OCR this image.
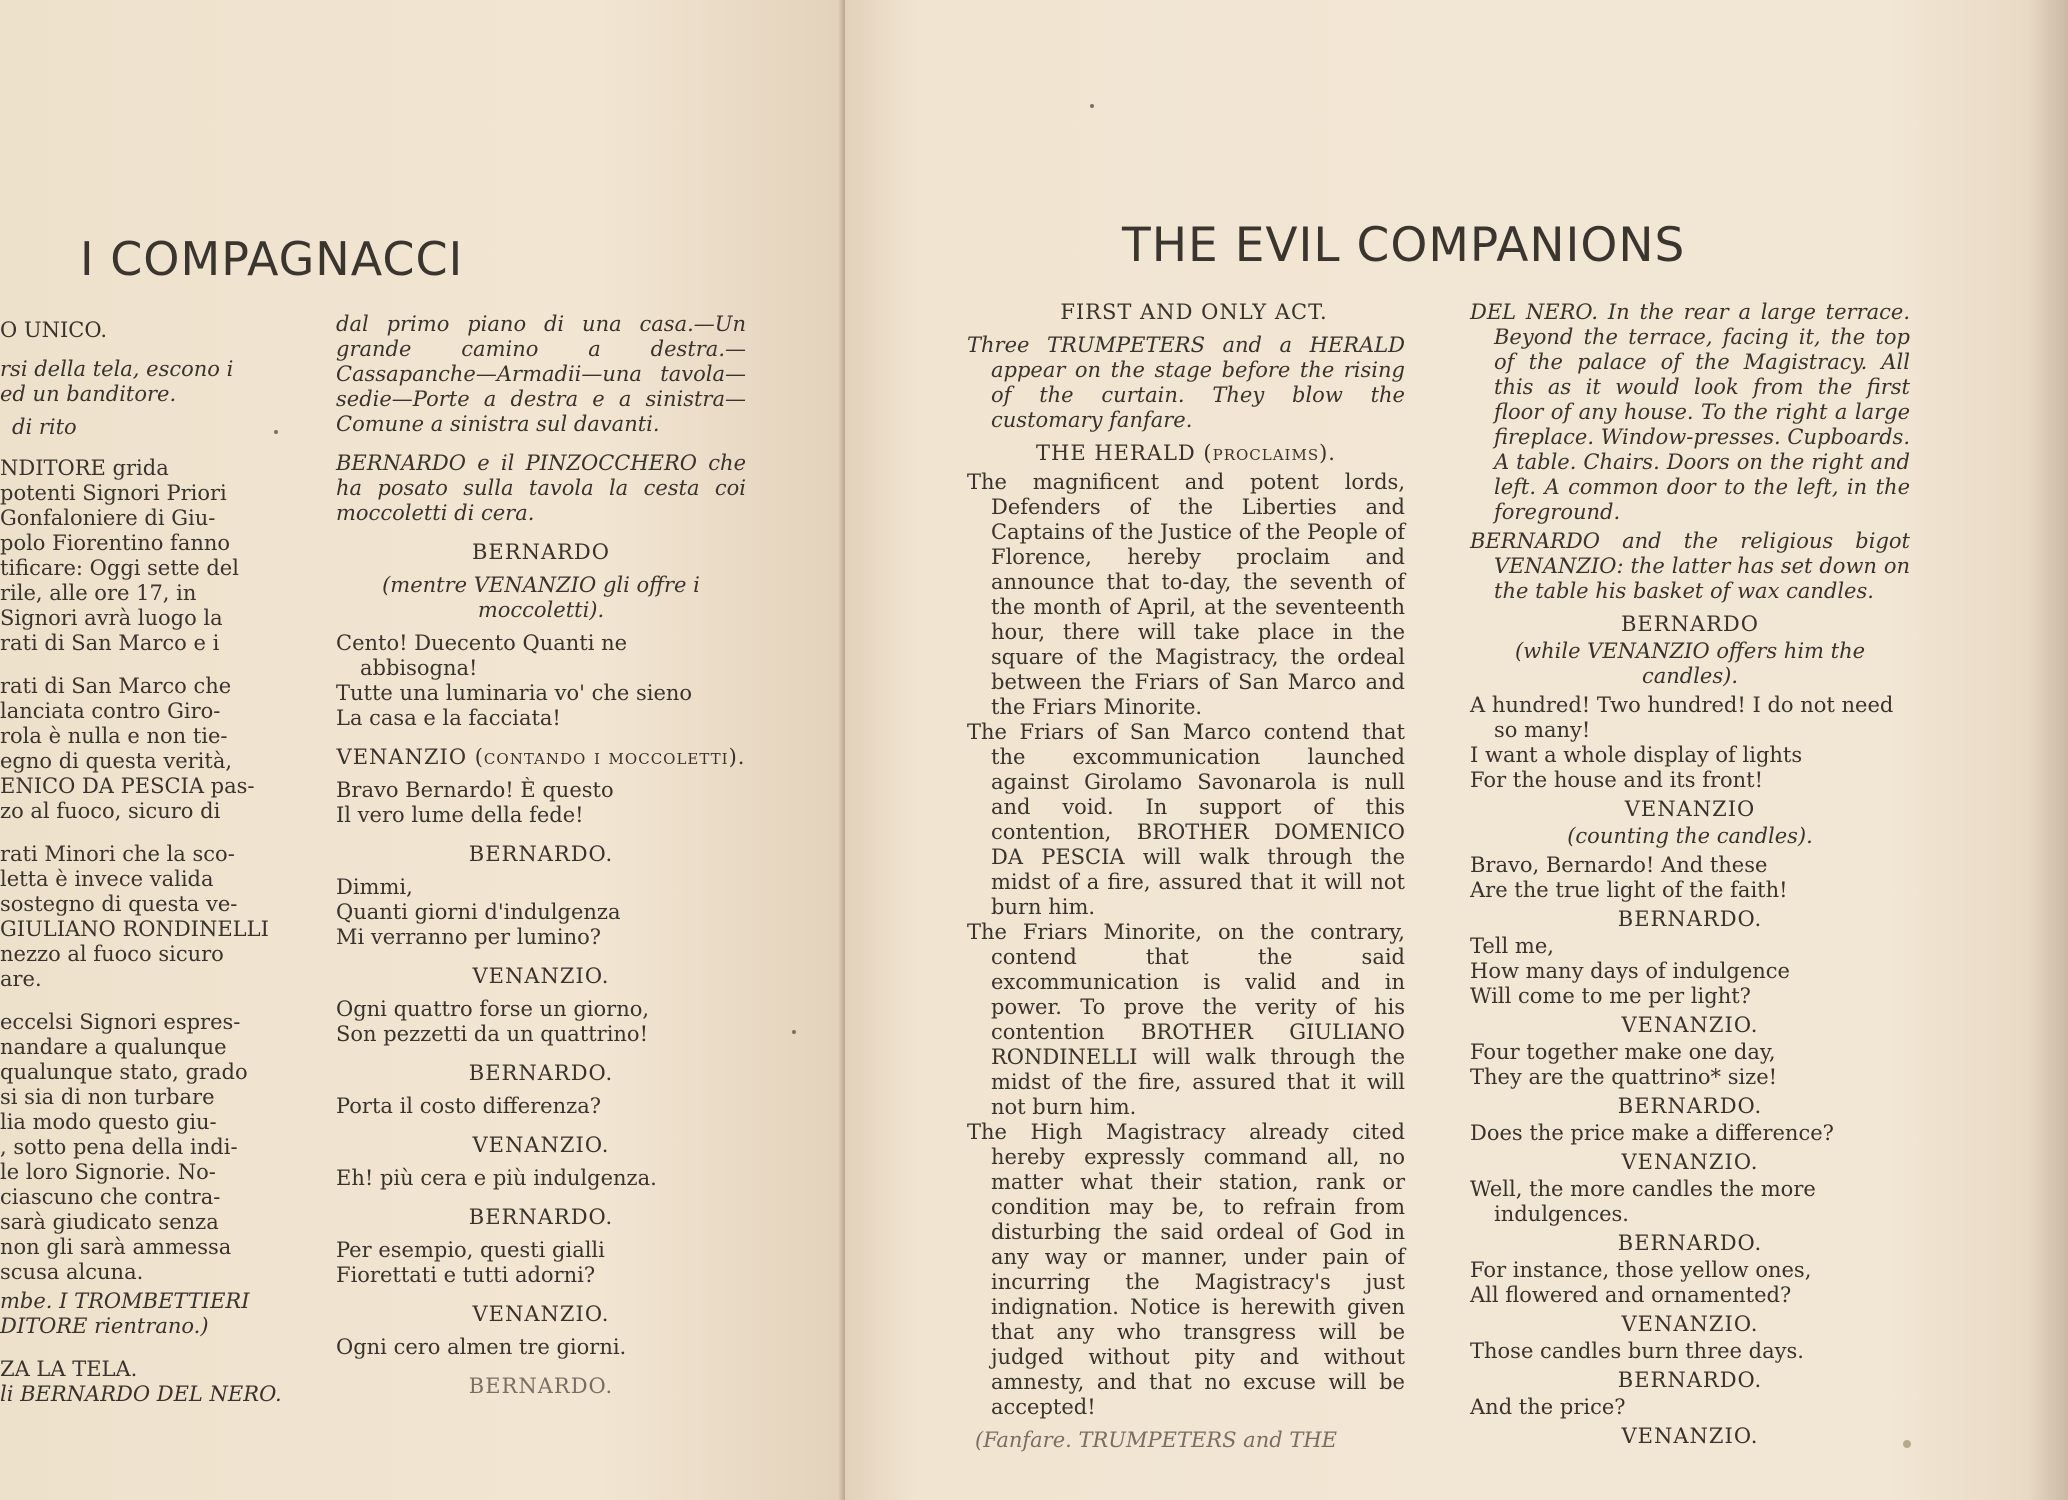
I COMPAGNACCI
O UNICO.
rsi della tela, escono i
ed un banditore.
di rito
NDITORE grida
potenti Signori Priori
Gonfaloniere di Giu-
polo Fiorentino fanno
tificare: Oggi sette del
rile, alle ore 17, in
Signori avrà luogo la
rati di San Marco e i
rati di San Marco che
lanciata contro Giro-
rola è nulla e non tie-
egno di questa verità,
ENICO DA PESCIA pas-
zo al fuoco, sicuro di
rati Minori che la sco-
letta è invece valida
sostegno di questa ve-
GIULIANO RONDINELLI
nezzo al fuoco sicuro
are.
eccelsi Signori espres-
nandare a qualunque
qualunque stato, grado
si sia di non turbare
lia modo questo giu-
, sotto pena della indi-
le loro Signorie. No-
ciascuno che contra-
sarà giudicato senza
non gli sarà ammessa
scusa alcuna.
mbe. I TROMBETTIERI
DITORE rientrano.)
ZA LA TELA.
li BERNARDO DEL NERO.

dal primo piano di una casa.—Un grande camino a destra.—Cassapanche—Armadii—una tavola—sedie—Porte a destra e a sinistra—Comune a sinistra sul davanti.

BERNARDO e il PINZOCCHERO che ha posato sulla tavola la cesta coi moccoletti di cera.

BERNARDO

(mentre VENANZIO gli offre i moccoletti).

Cento! Duecento Quanti ne abbisogna!
Tutte una luminaria vo' che sieno
La casa e la facciata!
VENANZIO (contando i moccoletti).
Bravo Bernardo! È questo
Il vero lume della fede!
BERNARDO.
Dimmi,
Quanti giorni d'indulgenza
Mi verranno per lumino?
VENANZIO.
Ogni quattro forse un giorno,
Son pezzetti da un quattrino!
BERNARDO.
Porta il costo differenza?
VENANZIO.
Eh! più cera e più indulgenza.
BERNARDO.
Per esempio, questi gialli
Fiorettati e tutti adorni?
VENANZIO.
Ogni cero almen tre giorni.
BERNARDO.
THE EVIL COMPANIONS
FIRST AND ONLY ACT.

Three TRUMPETERS and a HERALD appear on the stage before the rising of the curtain. They blow the customary fanfare.

THE HERALD (proclaims).

The magnificent and potent lords, Defenders of the Liberties and Captains of the Justice of the People of Florence, hereby proclaim and announce that to-day, the seventh of the month of April, at the seventeenth hour, there will take place in the square of the Magistracy, the ordeal between the Friars of San Marco and the Friars Minorite.

The Friars of San Marco contend that the excommunication launched against Girolamo Savonarola is null and void. In support of this contention, BROTHER DOMENICO DA PESCIA will walk through the midst of a fire, assured that it will not burn him.

The Friars Minorite, on the contrary, contend that the said excommunication is valid and in power. To prove the verity of his contention BROTHER GIULIANO RONDINELLI will walk through the midst of the fire, assured that it will not burn him.

The High Magistracy already cited hereby expressly command all, no matter what their station, rank or condition may be, to refrain from disturbing the said ordeal of God in any way or manner, under pain of incurring the Magistracy's just indignation. Notice is herewith given that any who transgress will be judged without pity and without amnesty, and that no excuse will be accepted!

(Fanfare. TRUMPETERS and THE

DEL NERO. In the rear a large terrace. Beyond the terrace, facing it, the top of the palace of the Magistracy. All this as it would look from the first floor of any house. To the right a large fireplace. Window-presses. Cupboards. A table. Chairs. Doors on the right and left. A common door to the left, in the foreground.

BERNARDO and the religious bigot VENANZIO: the latter has set down on the table his basket of wax candles.

BERNARDO

(while VENANZIO offers him the candles).

A hundred! Two hundred! I do not need so many!
I want a whole display of lights
For the house and its front!
VENANZIO

(counting the candles).

Bravo, Bernardo! And these
Are the true light of the faith!
BERNARDO.
Tell me,
How many days of indulgence
Will come to me per light?
VENANZIO.
Four together make one day,
They are the quattrino* size!
BERNARDO.
Does the price make a difference?
VENANZIO.
Well, the more candles the more indulgences.
BERNARDO.
For instance, those yellow ones,
All flowered and ornamented?
VENANZIO.
Those candles burn three days.
BERNARDO.
And the price?
VENANZIO.
